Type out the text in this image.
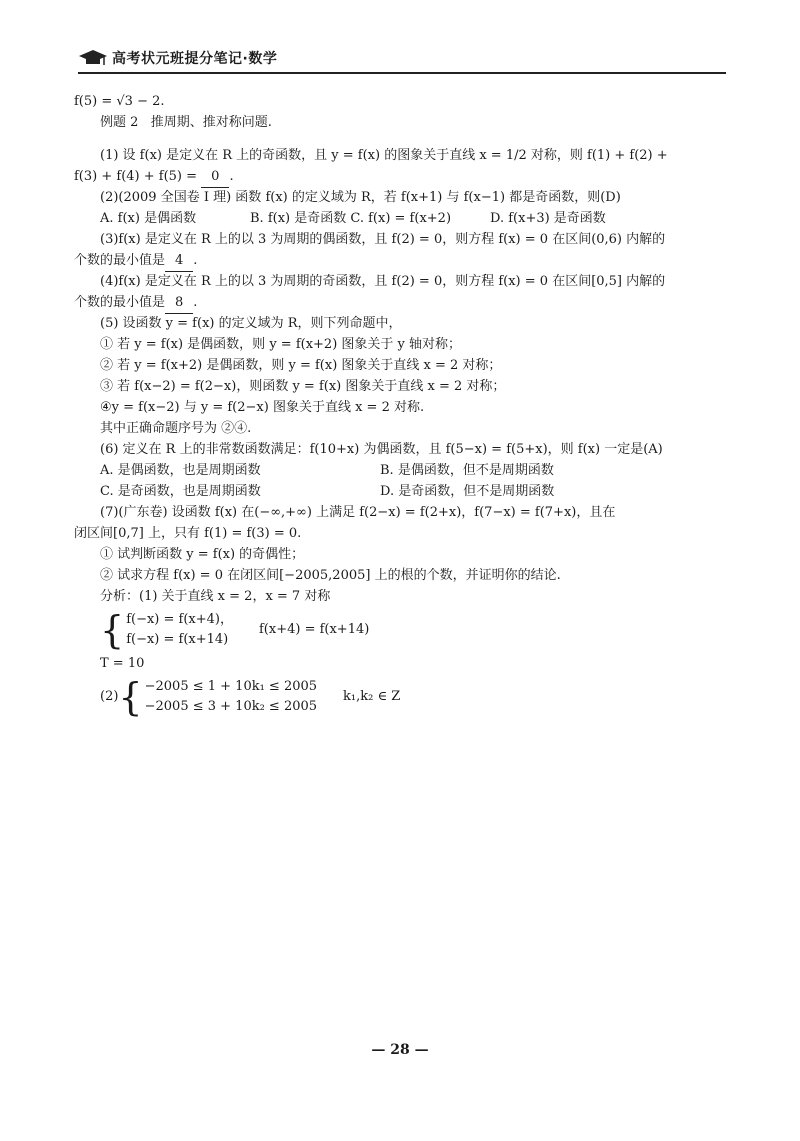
高考状元班提分笔记·数学
f(5) = √3 − 2.
例题 2   推周期、推对称问题.
(1) 设 f(x) 是定义在 R 上的奇函数，且 y = f(x) 的图象关于直线 x = 1/2 对称，则 f(1) + f(2) +
f(3) + f(4) + f(5) = 0 .
(2)(2009 全国卷 Ⅰ 理) 函数 f(x) 的定义域为 R，若 f(x+1) 与 f(x−1) 都是奇函数，则(D)
A. f(x) 是偶函数	B. f(x) 是奇函数 C. f(x) = f(x+2)	D. f(x+3) 是奇函数
(3)f(x) 是定义在 R 上的以 3 为周期的偶函数，且 f(2) = 0，则方程 f(x) = 0 在区间(0,6) 内解的
个数的最小值是 4 .
(4)f(x) 是定义在 R 上的以 3 为周期的奇函数，且 f(2) = 0，则方程 f(x) = 0 在区间[0,5] 内解的
个数的最小值是 8 .
(5) 设函数 y = f(x) 的定义域为 R，则下列命题中，
① 若 y = f(x) 是偶函数，则 y = f(x+2) 图象关于 y 轴对称；
② 若 y = f(x+2) 是偶函数，则 y = f(x) 图象关于直线 x = 2 对称；
③ 若 f(x−2) = f(2−x)，则函数 y = f(x) 图象关于直线 x = 2 对称；
④y = f(x−2) 与 y = f(2−x) 图象关于直线 x = 2 对称.
其中正确命题序号为 ②④.
(6) 定义在 R 上的非常数函数满足：f(10+x) 为偶函数，且 f(5−x) = f(5+x)，则 f(x) 一定是(A)
A. 是偶函数，也是周期函数	B. 是偶函数，但不是周期函数
C. 是奇函数，也是周期函数	D. 是奇函数，但不是周期函数
(7)(广东卷) 设函数 f(x) 在(−∞,+∞) 上满足 f(2−x) = f(2+x)，f(7−x) = f(7+x)，且在
闭区间[0,7] 上，只有 f(1) = f(3) = 0.
① 试判断函数 y = f(x) 的奇偶性；
② 试求方程 f(x) = 0 在闭区间[−2005,2005] 上的根的个数，并证明你的结论.
分析：(1) 关于直线 x = 2，x = 7 对称
{ f(−x) = f(x+4)，
f(−x) = f(x+14)
f(x+4) = f(x+14)
T = 10
(2) { −2005 ≤ 1 + 10k₁ ≤ 2005
−2005 ≤ 3 + 10k₂ ≤ 2005
k₁,k₂ ∈ Z
— 28 —
